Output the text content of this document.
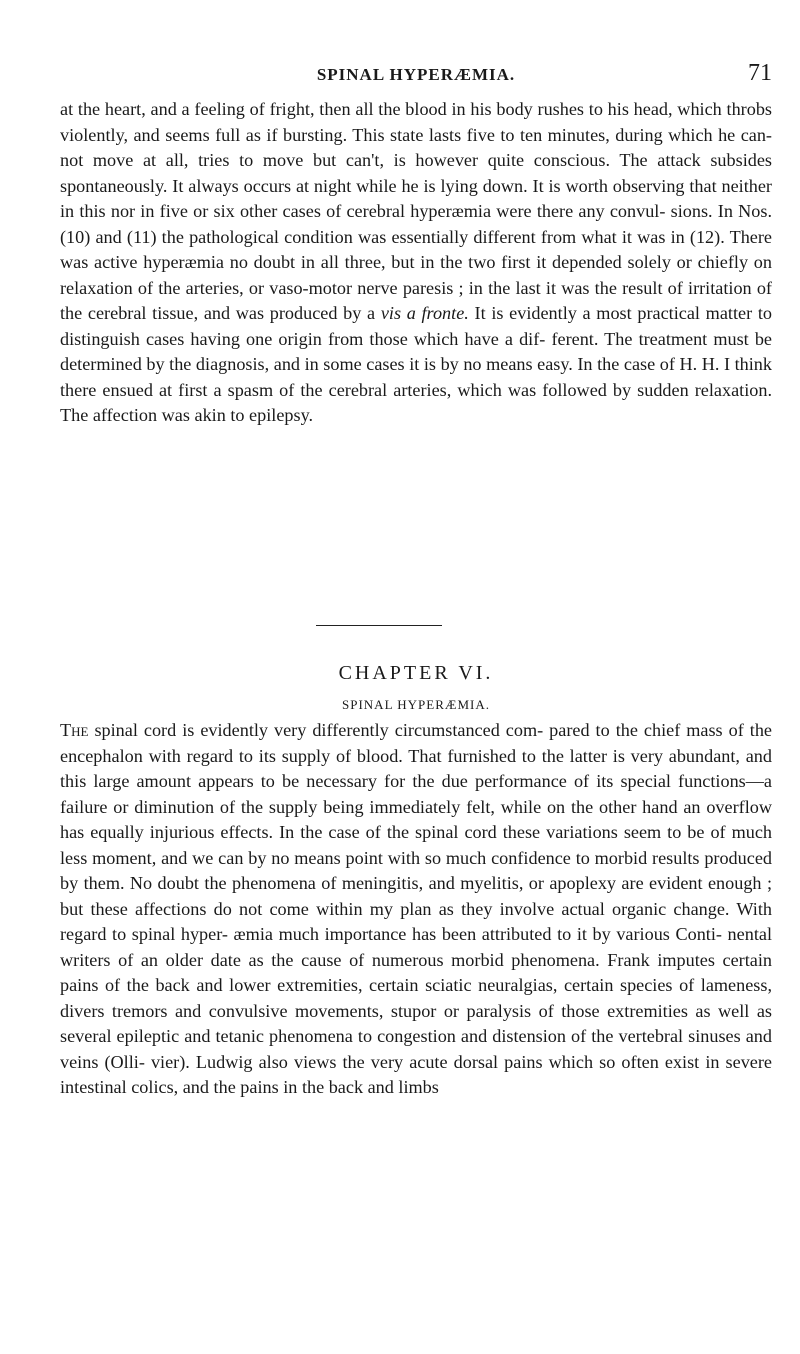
SPINAL HYPERÆMIA.	71

at the heart, and a feeling of fright, then all the blood in his body rushes to his head, which throbs violently, and seems full as if bursting. This state lasts five to ten minutes, during which he can- not move at all, tries to move but can't, is however quite conscious. The attack subsides spontaneously. It always occurs at night while he is lying down. It is worth observing that neither in this nor in five or six other cases of cerebral hyperæmia were there any convul- sions. In Nos. (10) and (11) the pathological condition was essentially different from what it was in (12). There was active hyperæmia no doubt in all three, but in the two first it depended solely or chiefly on relaxation of the arteries, or vaso-motor nerve paresis ; in the last it was the result of irritation of the cerebral tissue, and was produced by a vis a fronte. It is evidently a most practical matter to distinguish cases having one origin from those which have a dif- ferent. The treatment must be determined by the diagnosis, and in some cases it is by no means easy. In the case of H. H. I think there ensued at first a spasm of the cerebral arteries, which was followed by sudden relaxation. The affection was akin to epilepsy.

CHAPTER VI.
SPINAL HYPERÆMIA.

The spinal cord is evidently very differently circumstanced com- pared to the chief mass of the encephalon with regard to its supply of blood. That furnished to the latter is very abundant, and this large amount appears to be necessary for the due performance of its special functions—a failure or diminution of the supply being immediately felt, while on the other hand an overflow has equally injurious effects. In the case of the spinal cord these variations seem to be of much less moment, and we can by no means point with so much confidence to morbid results produced by them. No doubt the phenomena of meningitis, and myelitis, or apoplexy are evident enough ; but these affections do not come within my plan as they involve actual organic change. With regard to spinal hyper- æmia much importance has been attributed to it by various Conti- nental writers of an older date as the cause of numerous morbid phenomena. Frank imputes certain pains of the back and lower extremities, certain sciatic neuralgias, certain species of lameness, divers tremors and convulsive movements, stupor or paralysis of those extremities as well as several epileptic and tetanic phenomena to congestion and distension of the vertebral sinuses and veins (Olli- vier). Ludwig also views the very acute dorsal pains which so often exist in severe intestinal colics, and the pains in the back and limbs
